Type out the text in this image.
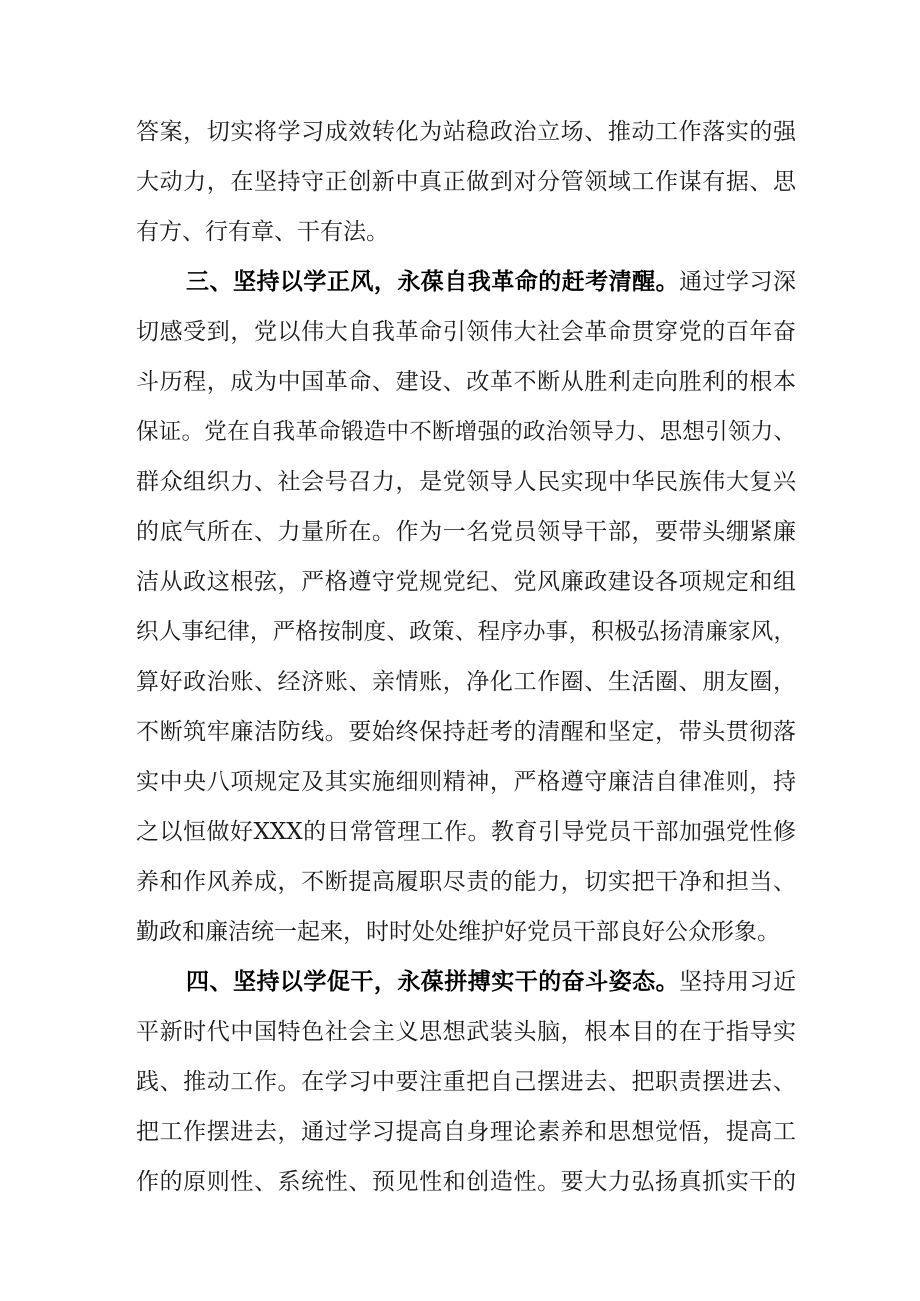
答案，切实将学习成效转化为站稳政治立场、推动工作落实的强
大动力，在坚持守正创新中真正做到对分管领域工作谋有据、思
有方、行有章、干有法。
三、坚持以学正风，永葆自我革命的赶考清醒。通过学习深
切感受到，党以伟大自我革命引领伟大社会革命贯穿党的百年奋
斗历程，成为中国革命、建设、改革不断从胜利走向胜利的根本
保证。党在自我革命锻造中不断增强的政治领导力、思想引领力、
群众组织力、社会号召力，是党领导人民实现中华民族伟大复兴
的底气所在、力量所在。作为一名党员领导干部，要带头绷紧廉
洁从政这根弦，严格遵守党规党纪、党风廉政建设各项规定和组
织人事纪律，严格按制度、政策、程序办事，积极弘扬清廉家风，
算好政治账、经济账、亲情账，净化工作圈、生活圈、朋友圈，
不断筑牢廉洁防线。要始终保持赶考的清醒和坚定，带头贯彻落
实中央八项规定及其实施细则精神，严格遵守廉洁自律准则，持
之以恒做好XXX的日常管理工作。教育引导党员干部加强党性修
养和作风养成，不断提高履职尽责的能力，切实把干净和担当、
勤政和廉洁统一起来，时时处处维护好党员干部良好公众形象。
四、坚持以学促干，永葆拼搏实干的奋斗姿态。坚持用习近
平新时代中国特色社会主义思想武装头脑，根本目的在于指导实
践、推动工作。在学习中要注重把自己摆进去、把职责摆进去、
把工作摆进去，通过学习提高自身理论素养和思想觉悟，提高工
作的原则性、系统性、预见性和创造性。要大力弘扬真抓实干的
